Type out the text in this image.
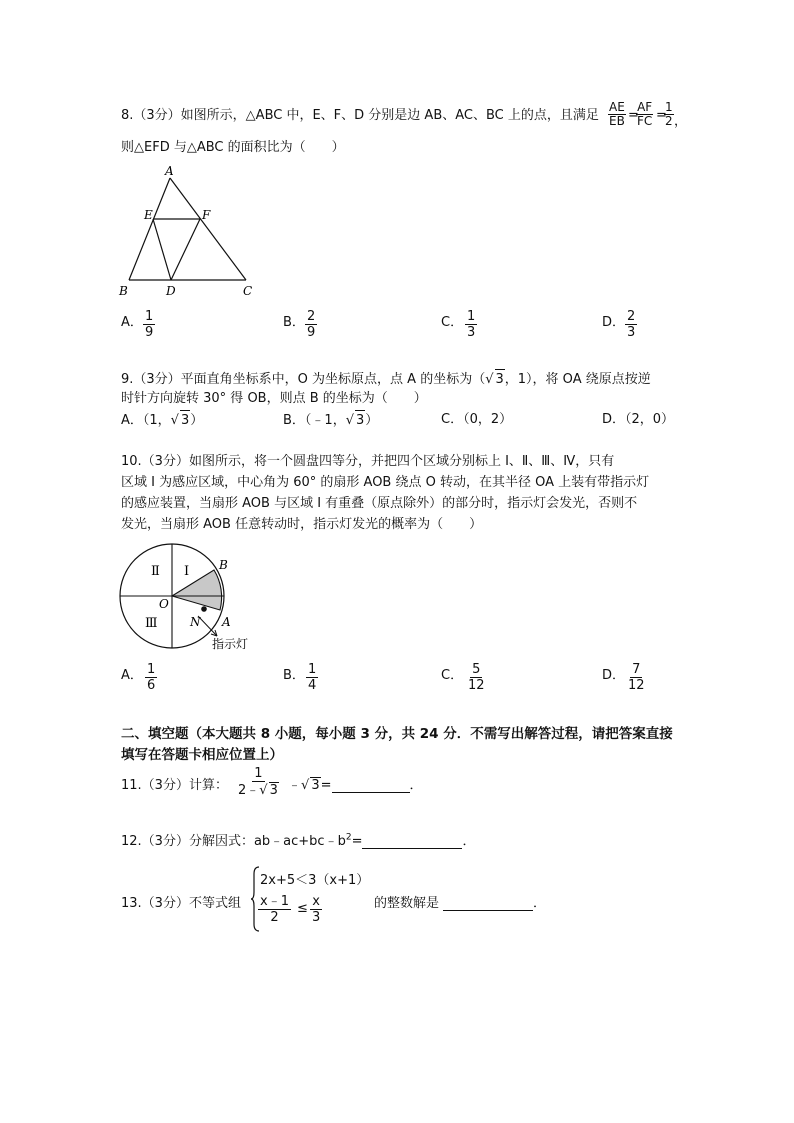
8.（3分）如图所示，△ABC 中，E、F、D 分别是边 AB、AC、BC 上的点，且满足 $\frac{AE}{EB}$ =
$\frac{AF}{FC}$ =
$\frac{1}{2}$ ，
则△EFD 与△ABC 的面积比为（　　）
A
E	F
B	D	C
A． $\frac{1}{9}$	B． $\frac{2}{9}$	C． $\frac{1}{3}$	D． $\frac{2}{3}$
9.（3分）平面直角坐标系中，O 为坐标原点，点 A 的坐标为（√ 3，1），将 OA 绕原点按逆
时针方向旋转 30° 得 OB，则点 B 的坐标为（　　）
A．（1，√ 3）	B．（﹣1，√ 3）	C．（0，2）	D．（2，0）
10.（3分）如图所示，将一个圆盘四等分，并把四个区域分别标上 Ⅰ、Ⅱ、Ⅲ、Ⅳ，只有
区域 Ⅰ 为感应区域，中心角为 60° 的扇形 AOB 绕点 O 转动，在其半径 OA 上装有带指示灯
的感应装置，当扇形 AOB 与区域 Ⅰ 有重叠（原点除外）的部分时，指示灯会发光，否则不
发光，当扇形 AOB 任意转动时，指示灯发光的概率为（　　）
Ⅱ Ⅰ
Ⅲ
O
B
A
N
指示灯
A． $\frac{1}{6}$	B． $\frac{1}{4}$	C． $\frac{5}{12}$	D． $\frac{7}{12}$
二、填空题（本大题共 8 小题，每小题 3 分，共 24 分．不需写出解答过程，请把答案直接
填写在答题卡相应位置上）
11.（3分）计算： $\frac{1}{2﹣√ 3}$ ﹣√ 3=	．
12.（3分）分解因式：$ab﹣ac+bc﹣b^2=$	．
13.（3分）不等式组
2x+5＜3（x+1）
$\frac{x﹣1}{2} \le \frac{x}{3}$	的整数解是	．
